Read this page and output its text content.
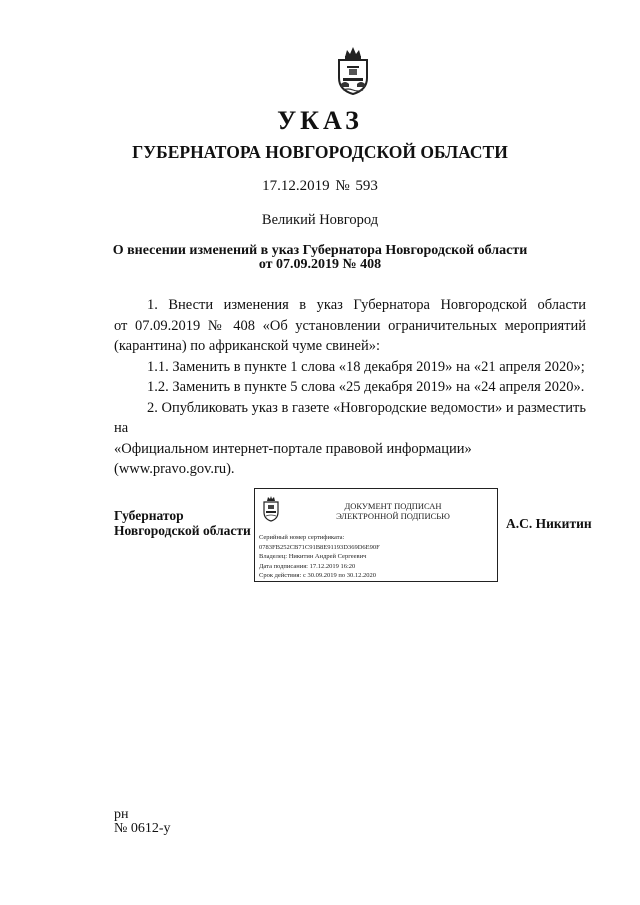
УКАЗ
ГУБЕРНАТОРА НОВГОРОДСКОЙ ОБЛАСТИ
17.12.2019 № 593
Великий Новгород
О внесении изменений в указ Губернатора Новгородской области
от 07.09.2019 № 408

1. Внести изменения в указ Губернатора Новгородской области

от 07.09.2019 № 408 «Об установлении ограничительных мероприятий

(карантина) по африканской чуме свиней»:

1.1. Заменить в пункте 1 слова «18 декабря 2019» на «21 апреля 2020»;

1.2. Заменить в пункте 5 слова «25 декабря 2019» на «24 апреля 2020».

2. Опубликовать указ в газете «Новгородские ведомости» и разместить на

«Официальном интернет-портале правовой информации» (www.pravo.gov.ru).

Губернатор
Новгородской области
ДОКУМЕНТ ПОДПИСАН
ЭЛЕКТРОННОЙ ПОДПИСЬЮ
Серийный номер сертификата:
0783FB252CB71C91B8E91193D369D6E90F
Владелец: Никитин Андрей Сергеевич
Дата подписания: 17.12.2019 16:20
Срок действия: с 30.09.2019 по 30.12.2020
А.С. Никитин
рн
№ 0612-у
